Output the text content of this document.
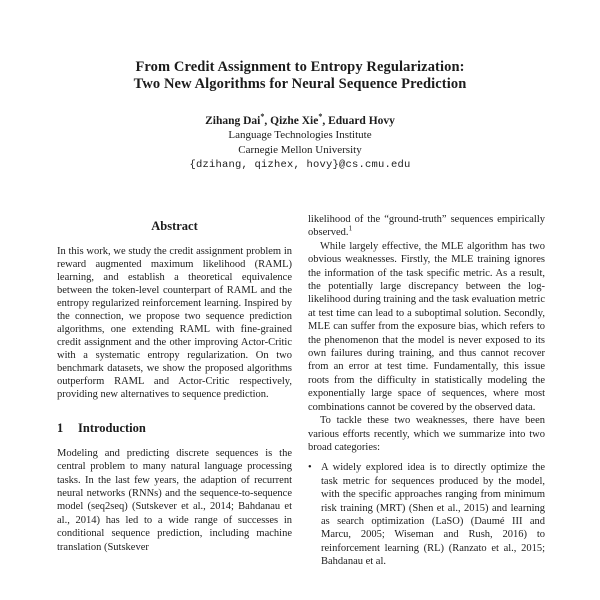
From Credit Assignment to Entropy Regularization:
Two New Algorithms for Neural Sequence Prediction
Zihang Dai*, Qizhe Xie*, Eduard Hovy
Language Technologies Institute
Carnegie Mellon University
{dzihang, qizhex, hovy}@cs.cmu.edu
Abstract

In this work, we study the credit assignment problem in reward augmented maximum likelihood (RAML) learning, and establish a theoretical equivalence between the token-level counterpart of RAML and the entropy regularized reinforcement learning. Inspired by the connection, we propose two sequence prediction algorithms, one extending RAML with fine-grained credit assignment and the other improving Actor-Critic with a systematic entropy regularization. On two benchmark datasets, we show the proposed algorithms outperform RAML and Actor-Critic respectively, providing new alternatives to sequence prediction.

1 Introduction

Modeling and predicting discrete sequences is the central problem to many natural language processing tasks. In the last few years, the adaption of recurrent neural networks (RNNs) and the sequence-to-sequence model (seq2seq) (Sutskever et al., 2014; Bahdanau et al., 2014) has led to a wide range of successes in conditional sequence prediction, including machine translation (Sutskever

likelihood of the “ground-truth” sequences empirically observed.$^1$

While largely effective, the MLE algorithm has two obvious weaknesses. Firstly, the MLE training ignores the information of the task specific metric. As a result, the potentially large discrepancy between the log-likelihood during training and the task evaluation metric at test time can lead to a suboptimal solution. Secondly, MLE can suffer from the exposure bias, which refers to the phenomenon that the model is never exposed to its own failures during training, and thus cannot recover from an error at test time. Fundamentally, this issue roots from the difficulty in statistically modeling the exponentially large space of sequences, where most combinations cannot be covered by the observed data.

To tackle these two weaknesses, there have been various efforts recently, which we summarize into two broad categories:

• A widely explored idea is to directly optimize the task metric for sequences produced by the model, with the specific approaches ranging from minimum risk training (MRT) (Shen et al., 2015) and learning as search optimization (LaSO) (Daumé III and Marcu, 2005; Wiseman and Rush, 2016) to reinforcement learning (RL) (Ranzato et al., 2015; Bahdanau et al.
